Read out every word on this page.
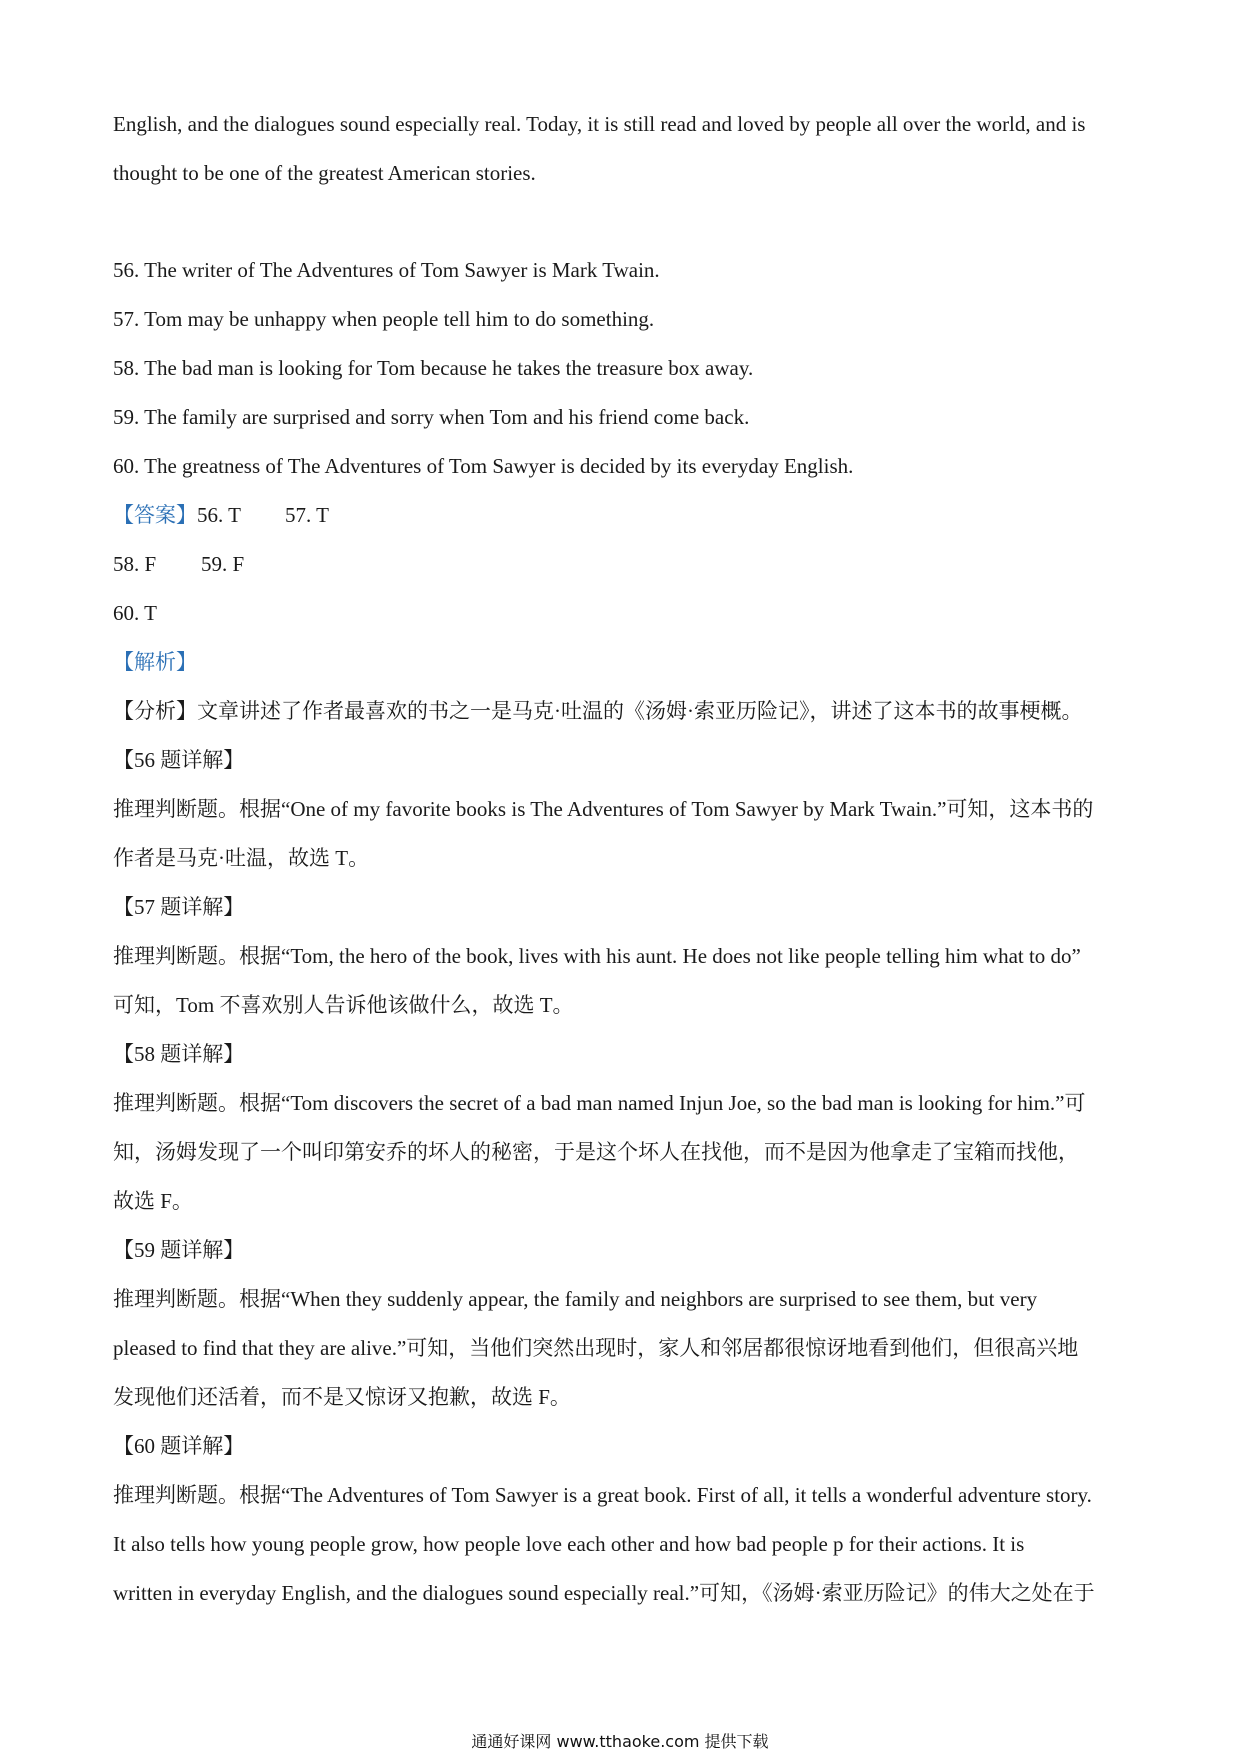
English, and the dialogues sound especially real. Today, it is still read and loved by people all over the world, and is

thought to be one of the greatest American stories.

56. The writer of The Adventures of Tom Sawyer is Mark Twain.

57. Tom may be unhappy when people tell him to do something.

58. The bad man is looking for Tom because he takes the treasure box away.

59. The family are surprised and sorry when Tom and his friend come back.

60. The greatness of The Adventures of Tom Sawyer is decided by its everyday English.

【答案】56. T 57. T

58. F 59. F

60. T

【解析】

【分析】文章讲述了作者最喜欢的书之一是马克·吐温的《汤姆·索亚历险记》，讲述了这本书的故事梗概。

【56 题详解】

推理判断题。根据“One of my favorite books is The Adventures of Tom Sawyer by Mark Twain.”可知，这本书的

作者是马克·吐温，故选 T。

【57 题详解】

推理判断题。根据“Tom, the hero of the book, lives with his aunt. He does not like people telling him what to do”

可知，Tom 不喜欢别人告诉他该做什么，故选 T。

【58 题详解】

推理判断题。根据“Tom discovers the secret of a bad man named Injun Joe, so the bad man is looking for him.”可

知，汤姆发现了一个叫印第安乔的坏人的秘密，于是这个坏人在找他，而不是因为他拿走了宝箱而找他，

故选 F。

【59 题详解】

推理判断题。根据“When they suddenly appear, the family and neighbors are surprised to see them, but very

pleased to find that they are alive.”可知，当他们突然出现时，家人和邻居都很惊讶地看到他们，但很高兴地

发现他们还活着，而不是又惊讶又抱歉，故选 F。

【60 题详解】

推理判断题。根据“The Adventures of Tom Sawyer is a great book. First of all, it tells a wonderful adventure story.

It also tells how young people grow, how people love each other and how bad people p for their actions. It is

written in everyday English, and the dialogues sound especially real.”可知，《汤姆·索亚历险记》的伟大之处在于

通通好课网 www.tthaoke.com 提供下载
